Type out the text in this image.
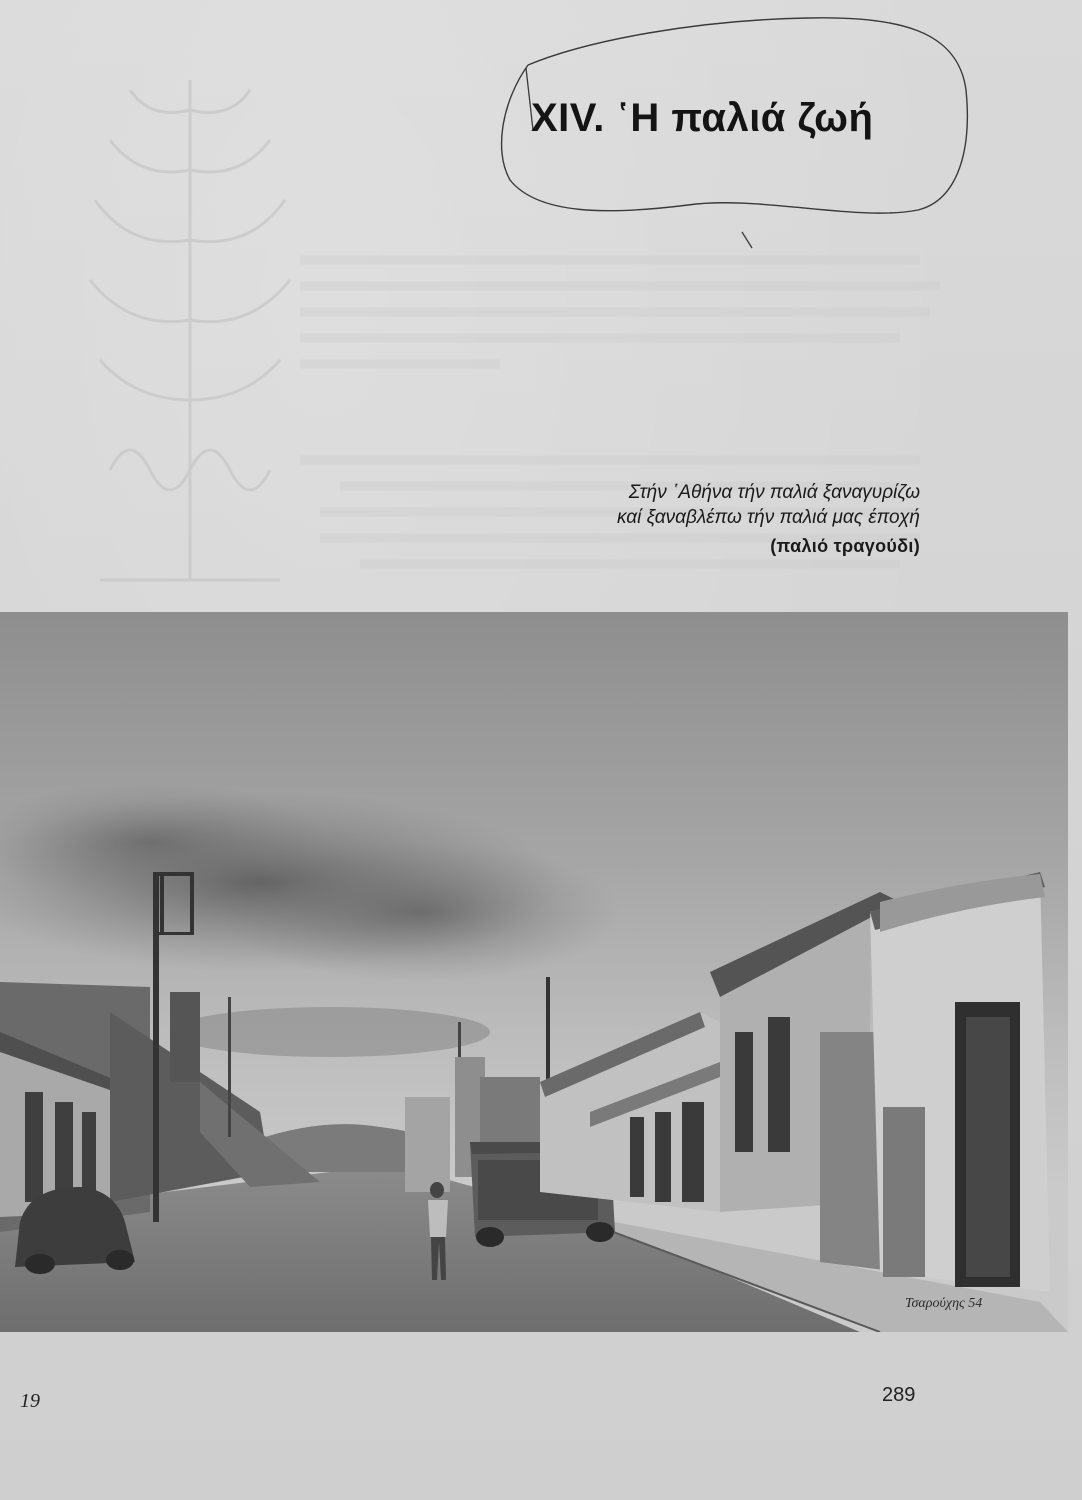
XIV. ῾Η παλιά ζωή
Στήν ῾Αθήνα τήν παλιά ξαναγυρίζω
καί ξαναβλέπω τήν παλιά μας έποχή
(παλιό τραγούδι)
Τσαρούχης 54
19	289
